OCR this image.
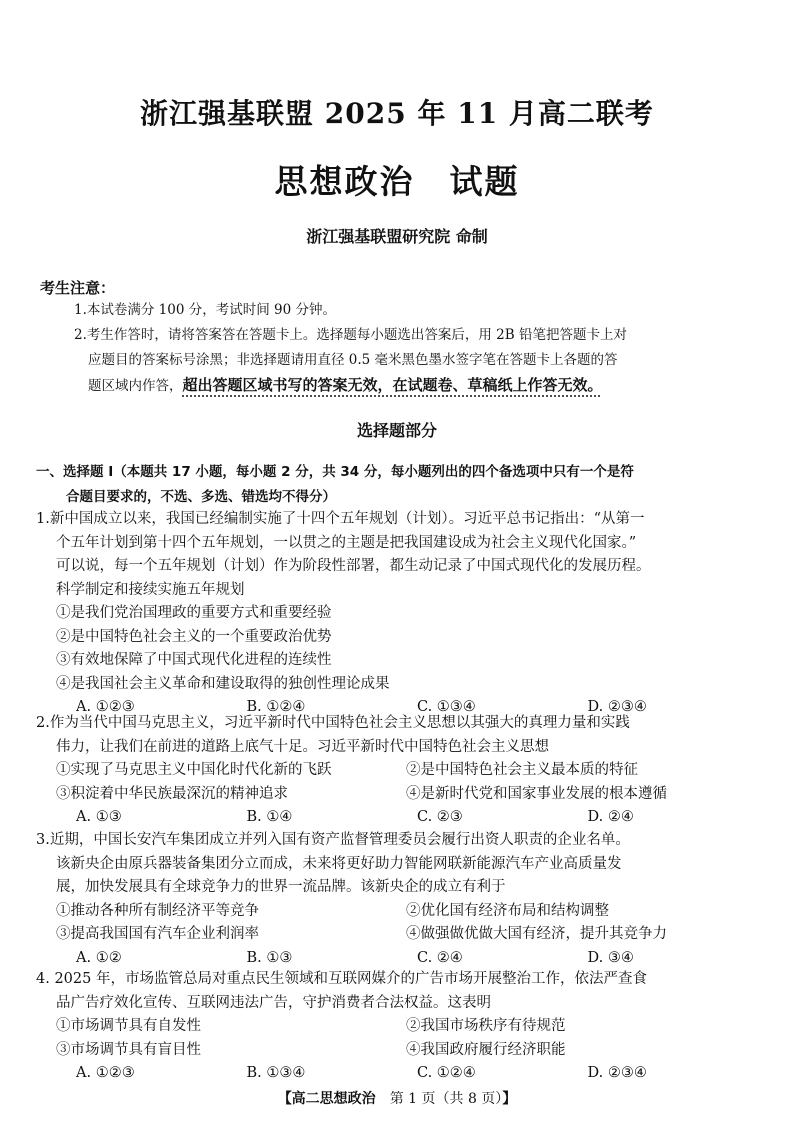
浙江强基联盟 2025 年 11 月高二联考
思想政治　试题
浙江强基联盟研究院 命制
考生注意：
1.本试卷满分 100 分，考试时间 90 分钟。
2.考生作答时，请将答案答在答题卡上。选择题每小题选出答案后，用 2B 铅笔把答题卡上对
应题目的答案标号涂黑；非选择题请用直径 0.5 毫米黑色墨水签字笔在答题卡上各题的答
题区域内作答，超出答题区域书写的答案无效，在试题卷、草稿纸上作答无效。
选择题部分
一、选择题 Ⅰ（本题共 17 小题，每小题 2 分，共 34 分，每小题列出的四个备选项中只有一个是符
合题目要求的，不选、多选、错选均不得分）
1.新中国成立以来，我国已经编制实施了十四个五年规划（计划）。习近平总书记指出：“从第一
个五年计划到第十四个五年规划，一以贯之的主题是把我国建设成为社会主义现代化国家。”
可以说，每一个五年规划（计划）作为阶段性部署，都生动记录了中国式现代化的发展历程。
科学制定和接续实施五年规划
①是我们党治国理政的重要方式和重要经验
②是中国特色社会主义的一个重要政治优势
③有效地保障了中国式现代化进程的连续性
④是我国社会主义革命和建设取得的独创性理论成果
A. ①②③	B. ①②④	C. ①③④	D. ②③④
2.作为当代中国马克思主义，习近平新时代中国特色社会主义思想以其强大的真理力量和实践
伟力，让我们在前进的道路上底气十足。习近平新时代中国特色社会主义思想
①实现了马克思主义中国化时代化新的飞跃	②是中国特色社会主义最本质的特征
③积淀着中华民族最深沉的精神追求	④是新时代党和国家事业发展的根本遵循
A. ①③	B. ①④	C. ②③	D. ②④
3.近期，中国长安汽车集团成立并列入国有资产监督管理委员会履行出资人职责的企业名单。
该新央企由原兵器装备集团分立而成，未来将更好助力智能网联新能源汽车产业高质量发
展，加快发展具有全球竞争力的世界一流品牌。该新央企的成立有利于
①推动各种所有制经济平等竞争	②优化国有经济布局和结构调整
③提高我国国有汽车企业利润率	④做强做优做大国有经济，提升其竞争力
A. ①②	B. ①③	C. ②④	D. ③④
4. 2025 年，市场监管总局对重点民生领域和互联网媒介的广告市场开展整治工作，依法严查食
品广告疗效化宣传、互联网违法广告，守护消费者合法权益。这表明
①市场调节具有自发性	②我国市场秩序有待规范
③市场调节具有盲目性	④我国政府履行经济职能
A. ①②③	B. ①③④	C. ①②④	D. ②③④
【高二思想政治　 第 1 页（共 8 页）】
